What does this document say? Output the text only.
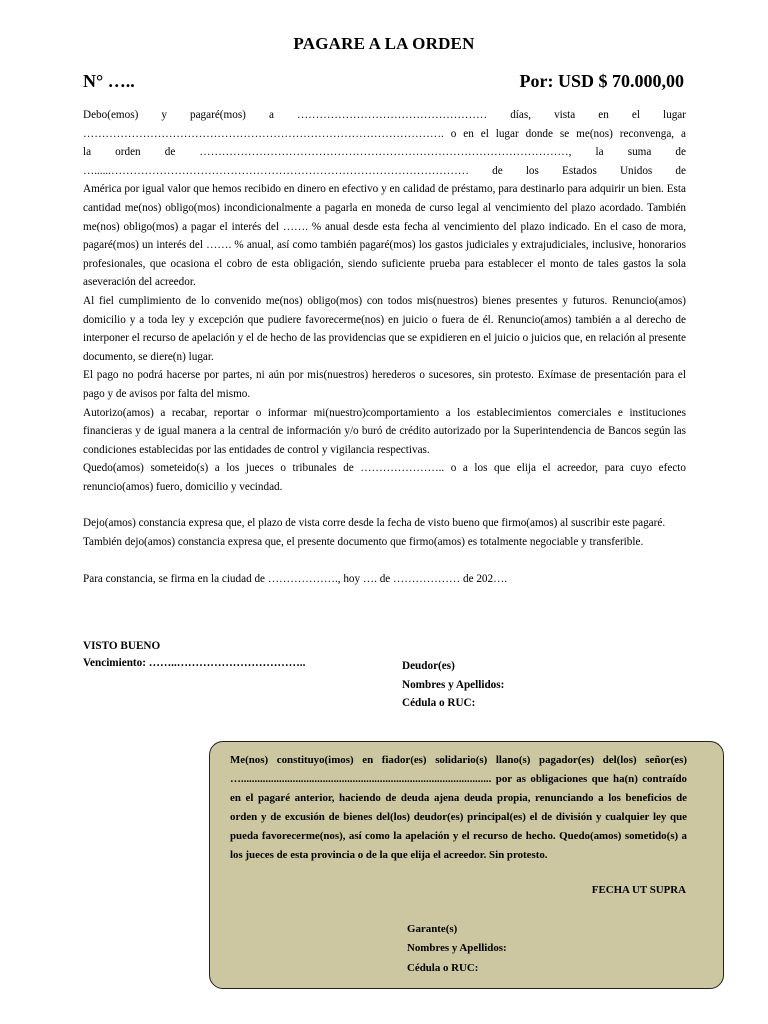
PAGARE A LA ORDEN
N° …..	Por: USD $ 70.000,00

Debo(emos) y pagaré(mos) a …………………………………………… días, vista en el lugar

……………………………………………………………………………………. o en el lugar donde se me(nos) reconvenga, a

la orden de ………………………………………………………………………………………, la suma de

…......…………………………………………………………………………………… de los Estados Unidos de

América por igual valor que hemos recibido en dinero en efectivo y en calidad de préstamo, para destinarlo para adquirir un bien. Esta cantidad me(nos) obligo(mos) incondicionalmente a pagarla en moneda de curso legal al vencimiento del plazo acordado. También me(nos) obligo(mos) a pagar el interés del ……. % anual desde esta fecha al vencimiento del plazo indicado. En el caso de mora, pagaré(mos) un interés del ……. % anual, así como también pagaré(mos) los gastos judiciales y extrajudiciales, inclusive, honorarios profesionales, que ocasiona el cobro de esta obligación, siendo suficiente prueba para establecer el monto de tales gastos la sola aseveración del acreedor.

Al fiel cumplimiento de lo convenido me(nos) obligo(mos) con todos mis(nuestros) bienes presentes y futuros. Renuncio(amos) domicilio y a toda ley y excepción que pudiere favorecerme(nos) en juicio o fuera de él. Renuncio(amos) también a al derecho de interponer el recurso de apelación y el de hecho de las providencias que se expidieren en el juicio o juicios que, en relación al presente documento, se diere(n) lugar.

El pago no podrá hacerse por partes, ni aún por mis(nuestros) herederos o sucesores, sin protesto. Exímase de presentación para el pago y de avisos por falta del mismo.

Autorizo(amos) a recabar, reportar o informar mi(nuestro)comportamiento a los establecimientos comerciales e instituciones financieras y de igual manera a la central de información y/o buró de crédito autorizado por la Superintendencia de Bancos según las condiciones establecidas por las entidades de control y vigilancia respectivas.

Quedo(amos) someteido(s) a los jueces o tribunales de ………………….. o a los que elija el acreedor, para cuyo efecto renuncio(amos) fuero, domicilio y vecindad.

Dejo(amos) constancia expresa que, el plazo de vista corre desde la fecha de visto bueno que firmo(amos) al suscribir este pagaré.

También dejo(amos) constancia expresa que, el presente documento que firmo(amos) es totalmente negociable y transferible.

Para constancia, se firma en la ciudad de ………………., hoy …. de ……………… de 202….

VISTO BUENO
Vencimiento: ……..……………………………..	Deudor(es)
Nombres y Apellidos:
Cédula o RUC:
Me(nos) constituyo(imos) en fiador(es) solidario(s) llano(s) pagador(es) del(los) señor(es) …............................................................................................ por as obligaciones que ha(n) contraído en el pagaré anterior, haciendo de deuda ajena deuda propia, renunciando a los beneficios de orden y de excusión de bienes del(los) deudor(es) principal(es) el de división y cualquier ley que pueda favorecerme(nos), así como la apelación y el recurso de hecho. Quedo(amos) sometido(s) a los jueces de esta provincia o de la que elija el acreedor. Sin protesto.
FECHA UT SUPRA
Garante(s)
Nombres y Apellidos:
Cédula o RUC:
